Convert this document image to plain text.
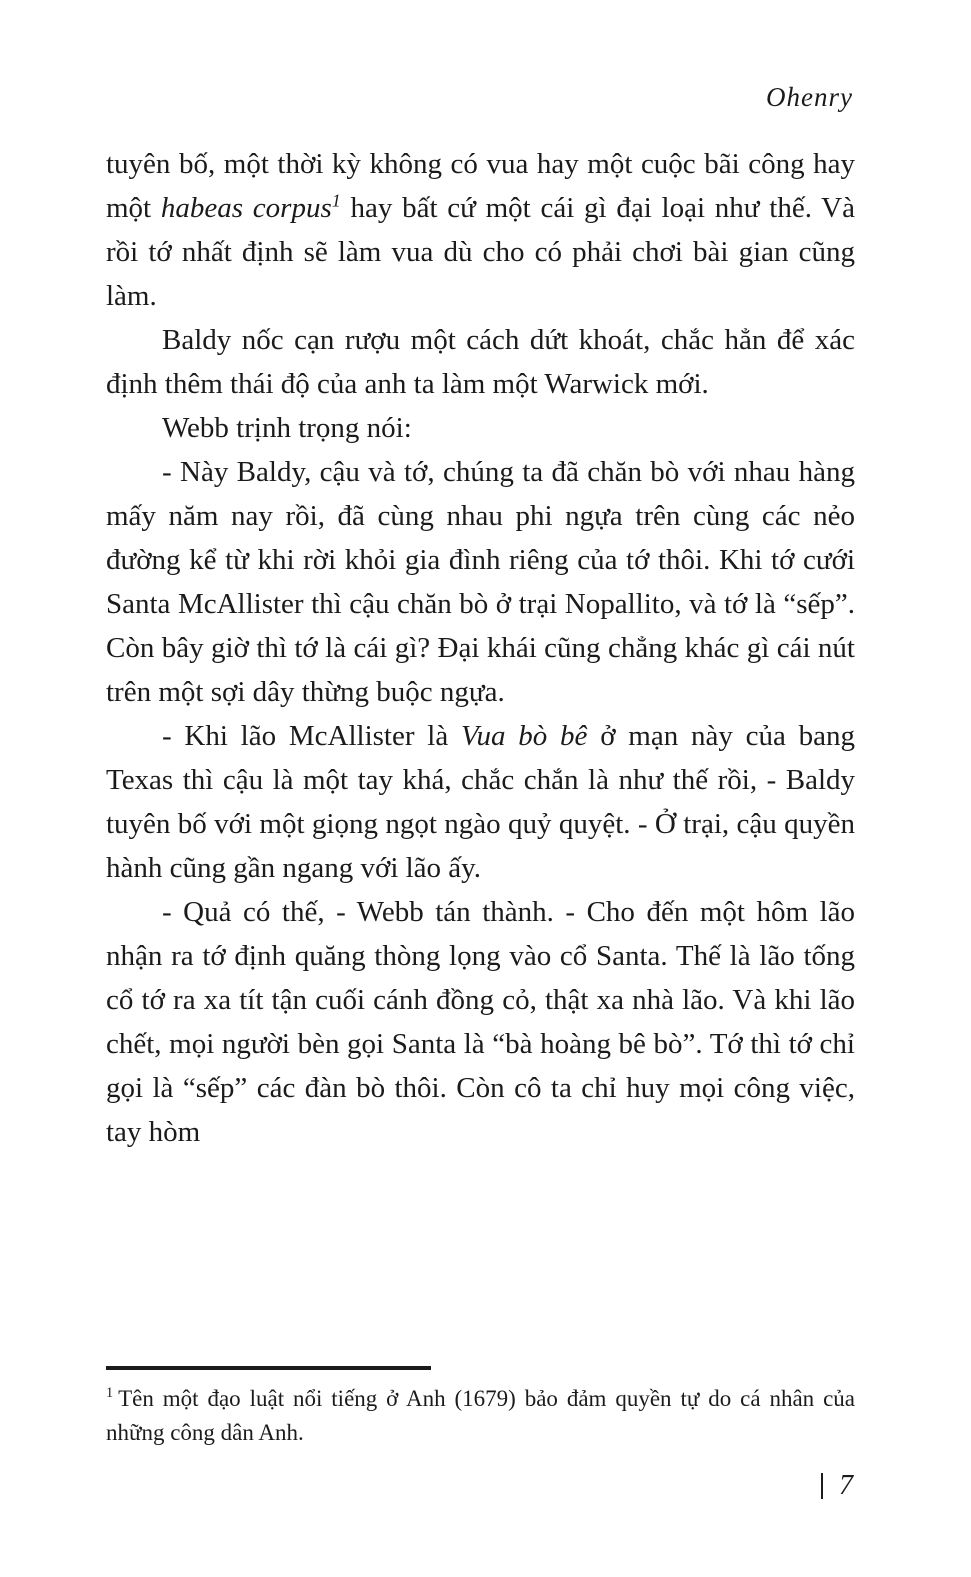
Ohenry

tuyên bố, một thời kỳ không có vua hay một cuộc bãi công hay một habeas corpus$^1$ hay bất cứ một cái gì đại loại như thế. Và rồi tớ nhất định sẽ làm vua dù cho có phải chơi bài gian cũng làm.

Baldy nốc cạn rượu một cách dứt khoát, chắc hẳn để xác định thêm thái độ của anh ta làm một Warwick mới.

Webb trịnh trọng nói:

- Này Baldy, cậu và tớ, chúng ta đã chăn bò với nhau hàng mấy năm nay rồi, đã cùng nhau phi ngựa trên cùng các nẻo đường kể từ khi rời khỏi gia đình riêng của tớ thôi. Khi tớ cưới Santa McAllister thì cậu chăn bò ở trại Nopallito, và tớ là “sếp”. Còn bây giờ thì tớ là cái gì? Đại khái cũng chẳng khác gì cái nút trên một sợi dây thừng buộc ngựa.

- Khi lão McAllister là Vua bò bê ở mạn này của bang Texas thì cậu là một tay khá, chắc chắn là như thế rồi, - Baldy tuyên bố với một giọng ngọt ngào quỷ quyệt. - Ở trại, cậu quyền hành cũng gần ngang với lão ấy.

- Quả có thế, - Webb tán thành. - Cho đến một hôm lão nhận ra tớ định quăng thòng lọng vào cổ Santa. Thế là lão tống cổ tớ ra xa tít tận cuối cánh đồng cỏ, thật xa nhà lão. Và khi lão chết, mọi người bèn gọi Santa là “bà hoàng bê bò”. Tớ thì tớ chỉ gọi là “sếp” các đàn bò thôi. Còn cô ta chỉ huy mọi công việc, tay hòm

$^1$ Tên một đạo luật nổi tiếng ở Anh (1679) bảo đảm quyền tự do cá nhân của những công dân Anh.

7
